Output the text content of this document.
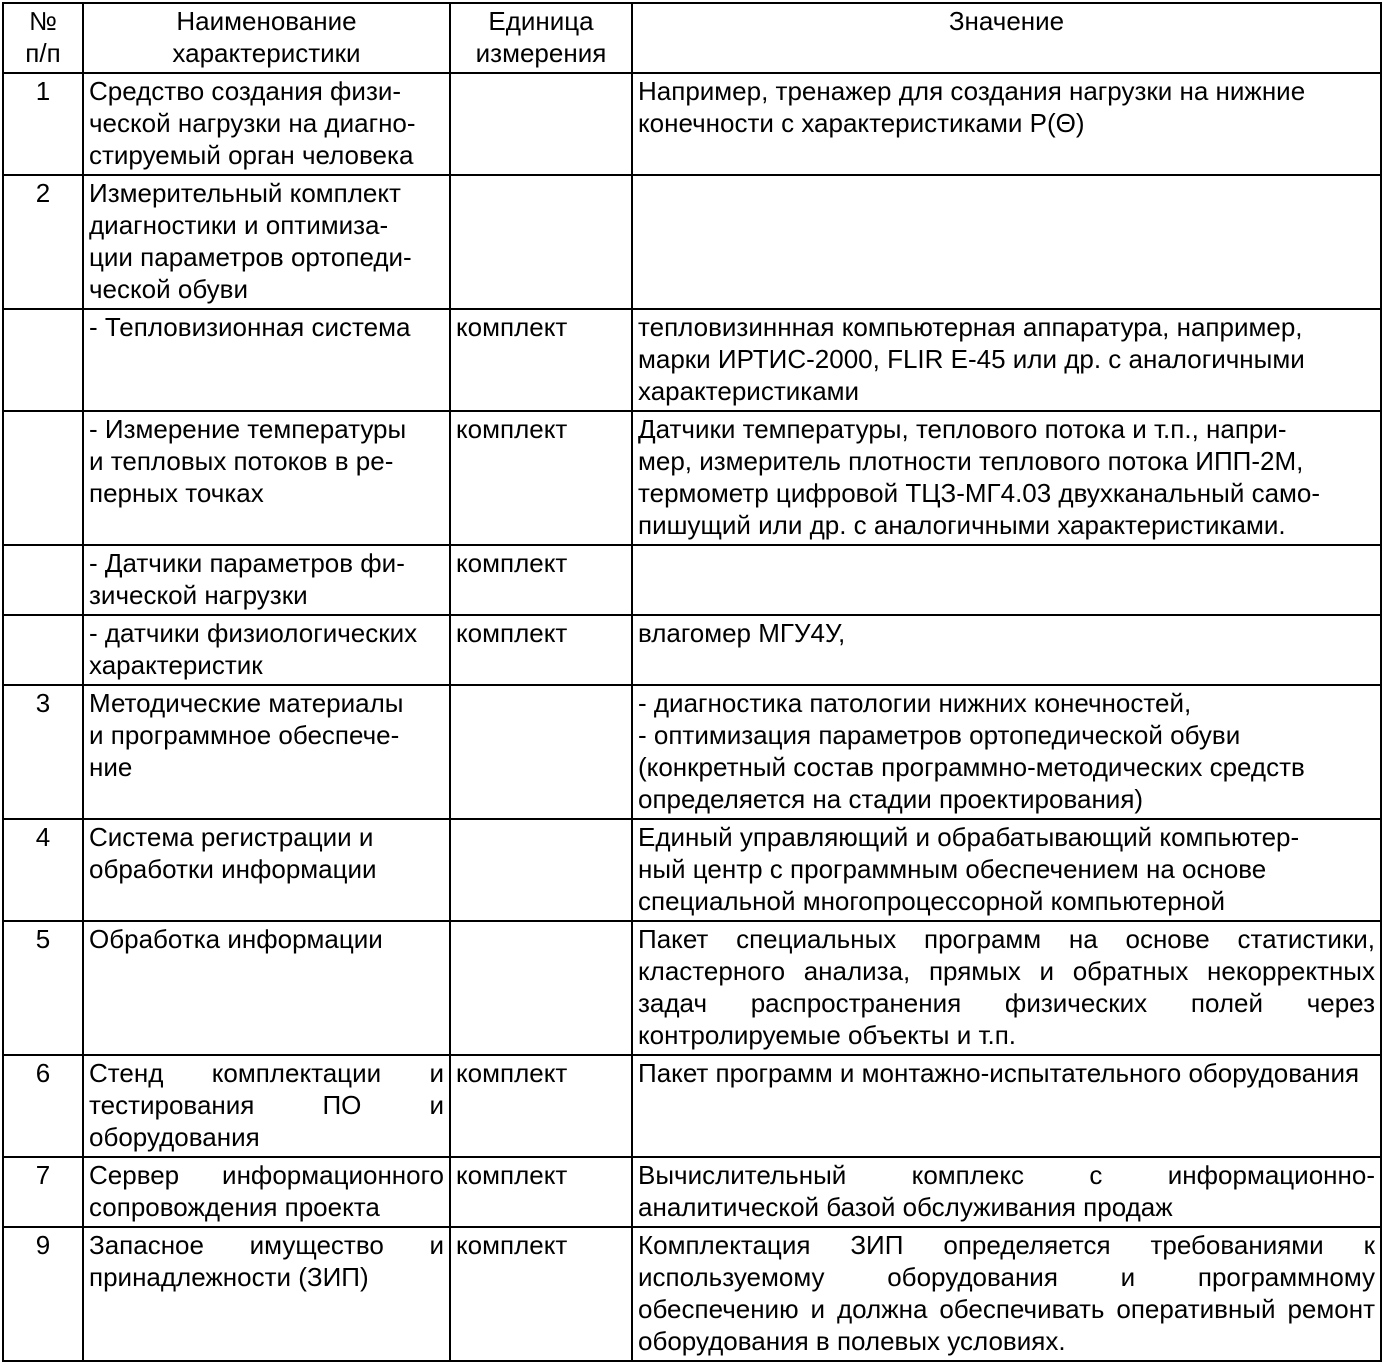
№
п/п	Наименование
характеристики	Единица
измерения	Значение
1	Средство создания физи-
ческой нагрузки на диагно-
стируемый орган человека		Например, тренажер для создания нагрузки на нижние
конечности с характеристиками P(Θ)
2	Измерительный комплект
диагностики и оптимиза-
ции параметров ортопеди-
ческой обуви		
	- Тепловизионная система	комплект	тепловизиннная компьютерная аппаратура, например,
марки ИРТИС-2000, FLIR E-45 или др. с аналогичными
характеристиками
	- Измерение температуры
и тепловых потоков в ре-
перных точках	комплект	Датчики температуры, теплового потока и т.п., напри-
мер, измеритель плотности теплового потока ИПП-2М,
термометр цифровой ТЦЗ-МГ4.03 двухканальный само-
пишущий или др. с аналогичными характеристиками.
	- Датчики параметров фи-
зической нагрузки	комплект	
	- датчики физиологических
характеристик	комплект	влагомер МГУ4У,
3	Методические материалы
и программное обеспече-
ние		- диагностика патологии нижних конечностей,
- оптимизация параметров ортопедической обуви
(конкретный состав программно-методических средств
определяется на стадии проектирования)
4	Система регистрации и
обработки информации		Единый управляющий и обрабатывающий компьютер-
ный центр с программным обеспечением на основе
специальной многопроцессорной компьютерной
5	Обработка информации		Пакет специальных программ на основе статистики, кластерного анализа, прямых и обратных некорректных задач распространения физических полей через контролируемые объекты и т.п.
6	Стенд комплектации и тестирования ПО и оборудования	комплект	Пакет программ и монтажно-испытательного оборудования
7	Сервер информационного сопровождения проекта	комплект	Вычислительный комплекс с информационно-аналитической базой обслуживания продаж
9	Запасное имущество и принадлежности (ЗИП)	комплект	Комплектация ЗИП определяется требованиями к используемому оборудования и программному обеспечению и должна обеспечивать оперативный ремонт оборудования в полевых условиях.
